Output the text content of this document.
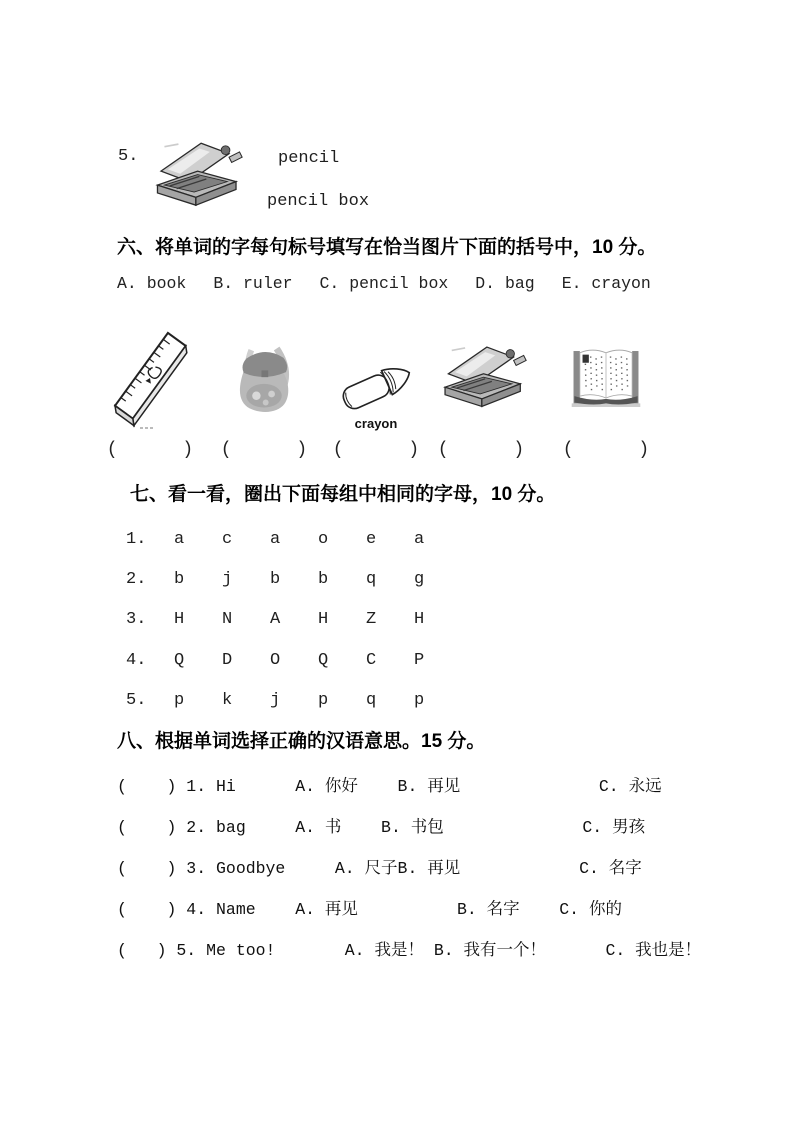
5.	pencil
pencil box
六、将单词的字每句标号填写在恰当图片下面的括号中，10 分。
A. book B. ruler C. pencil box D. bag E. crayon
(      ) (      )
crayon
(      ) (      ) (      )
七、看一看，圈出下面每组中相同的字母，10 分。
1.	a	c	a	o	e	a
2.	b	j	b	b	q	g
3.	H	N	A	H	Z	H
4.	Q	D	O	Q	C	P
5.	p	k	j	p	q	p
八、根据单词选择正确的汉语意思。15 分。
(    ) 1. Hi      A. 你好    B. 再见              C. 永远
(    ) 2. bag     A. 书    B. 书包              C. 男孩
(    ) 3. Goodbye     A. 尺子B. 再见            C. 名字
(    ) 4. Name    A. 再见          B. 名字    C. 你的
(   ) 5. Me too!       A. 我是！ B. 我有一个！      C. 我也是！
